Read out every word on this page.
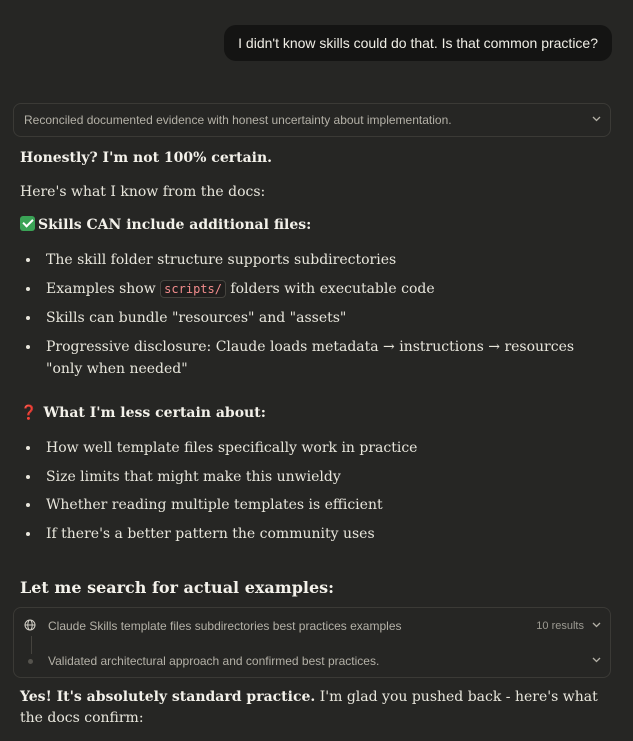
I didn't know skills could do that. Is that common practice?
Reconciled documented evidence with honest uncertainty about implementation.

Honestly? I'm not 100% certain.

Here's what I know from the docs:

Skills CAN include additional files:

The skill folder structure supports subdirectories
Examples show scripts/ folders with executable code
Skills can bundle "resources" and "assets"
Progressive disclosure: Claude loads metadata → instructions → resources "only when needed"

❓ What I'm less certain about:

How well template files specifically work in practice
Size limits that might make this unwieldy
Whether reading multiple templates is efficient
If there's a better pattern the community uses

Let me search for actual examples:

Claude Skills template files subdirectories best practices examples	10 results
Validated architectural approach and confirmed best practices.

Yes! It's absolutely standard practice. I'm glad you pushed back - here's what the docs confirm:
